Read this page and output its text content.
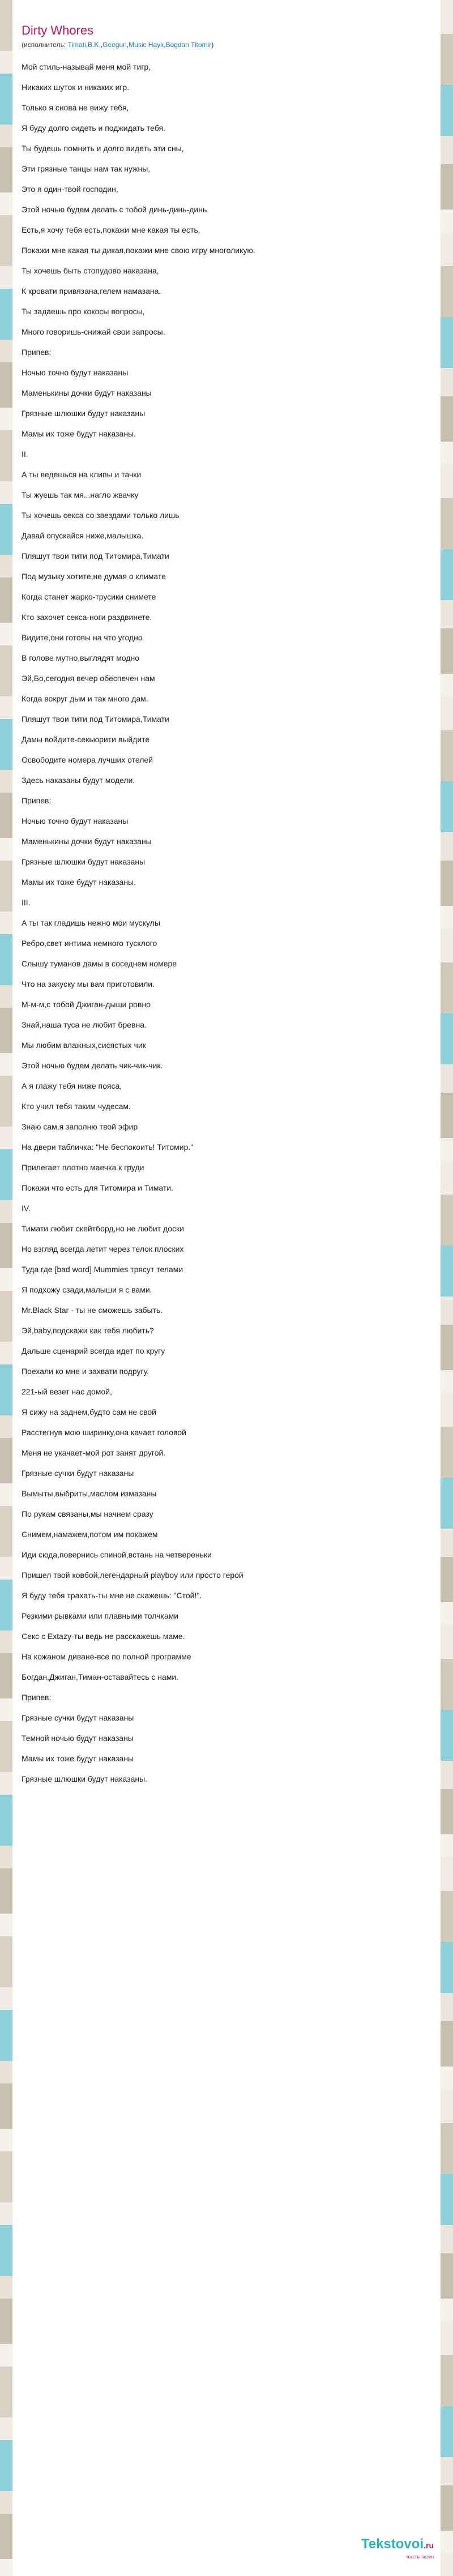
Dirty Whores
(исполнитель: Timati,B.K.,Geegun,Music Hayk,Bogdan Titomir)
Мой стиль-называй меня мой тигр,
Никаких шуток и никаких игр.
Только я снова не вижу тебя,
Я буду долго сидеть и поджидать тебя.
Ты будешь помнить и долго видеть эти сны,
Эти грязные танцы нам так нужны,
Это я один-твой господин,
Этой ночью будем делать с тобой динь-динь-динь.
Есть,я хочу тебя есть,покажи мне какая ты есть,
Покажи мне какая ты дикая,покажи мне свою игру многоликую.
Ты хочешь быть стопудово наказана,
К кровати привязана,гелем намазана.
Ты задаешь про кокосы вопросы,
Много говоришь-снижай свои запросы.
Припев:
Ночью точно будут наказаны
Маменькины дочки будут наказаны
Грязные шлюшки будут наказаны
Мамы их тоже будут наказаны.
II.
А ты ведешься на клипы и тачки
Ты жуешь так мя...нагло жвачку
Ты хочешь секса со звездами только лишь
Давай опускайся ниже,малышка.
Пляшут твои тити под Титомира,Тимати
Под музыку хотите,не думая о климате
Когда станет жарко-трусики снимете
Кто захочет секса-ноги раздвинете.
Видите,они готовы на что угодно
В голове мутно,выглядят модно
Эй,Бо,сегодня вечер обеспечен нам
Когда вокруг дым и так много дам.
Пляшут твои тити под Титомира,Тимати
Дамы войдите-секьюрити выйдите
Освободите номера лучших отелей
Здесь наказаны будут модели.
Припев:
Ночью точно будут наказаны
Маменькины дочки будут наказаны
Грязные шлюшки будут наказаны
Мамы их тоже будут наказаны.
III.
А ты так гладишь нежно мои мускулы
Ребро,свет интима немного тусклого
Слышу туманов дамы в соседнем номере
Что на закуску мы вам приготовили.
М-м-м,с тобой Джиган-дыши ровно
Знай,наша туса не любит бревна.
Мы любим влажных,сисястых чик
Этой ночью будем делать чик-чик-чик.
А я глажу тебя ниже пояса,
Кто учил тебя таким чудесам.
Знаю сам,я заполню твой эфир
На двери табличка: "Не беспокоить! Титомир."
Прилегает плотно маечка к груди
Покажи что есть для Титомира и Тимати.
IV.
Тимати любит скейтборд,но не любит доски
Но взгляд всегда летит через телок плоских
Туда где [bad word] Mummies трясут телами
Я подхожу сзади,малыши я с вами.
Mr.Black Star - ты не сможешь забыть.
Эй,baby,подскажи как тебя любить?
Дальше сценарий всегда идет по кругу
Поехали ко мне и захвати подругу.
221-ый везет нас домой,
Я сижу на заднем,будто сам не свой
Расстегнув мою ширинку,она качает головой
Меня не укачает-мой рот занят другой.
Грязные сучки будут наказаны
Вымыты,выбриты,маслом измазаны
По рукам связаны,мы начнем сразу
Снимем,намажем,потом им покажем
Иди сюда,повернись спиной,встань на четвереньки
Пришел твой ковбой,легендарный playboy или просто герой
Я буду тебя трахать-ты мне не скажешь: "Стой!".
Резкими рывками или плавными толчками
Секс с Extazy-ты ведь не расскажешь маме.
На кожаном диване-все по полной программе
Богдан,Джиган,Тиман-оставайтесь с нами.
Припев:
Грязные сучки будут наказаны
Темной ночью будут наказаны
Мамы их тоже будут наказаны
Грязные шлюшки будут наказаны.
Tekstovoi.ru
тексты песен
